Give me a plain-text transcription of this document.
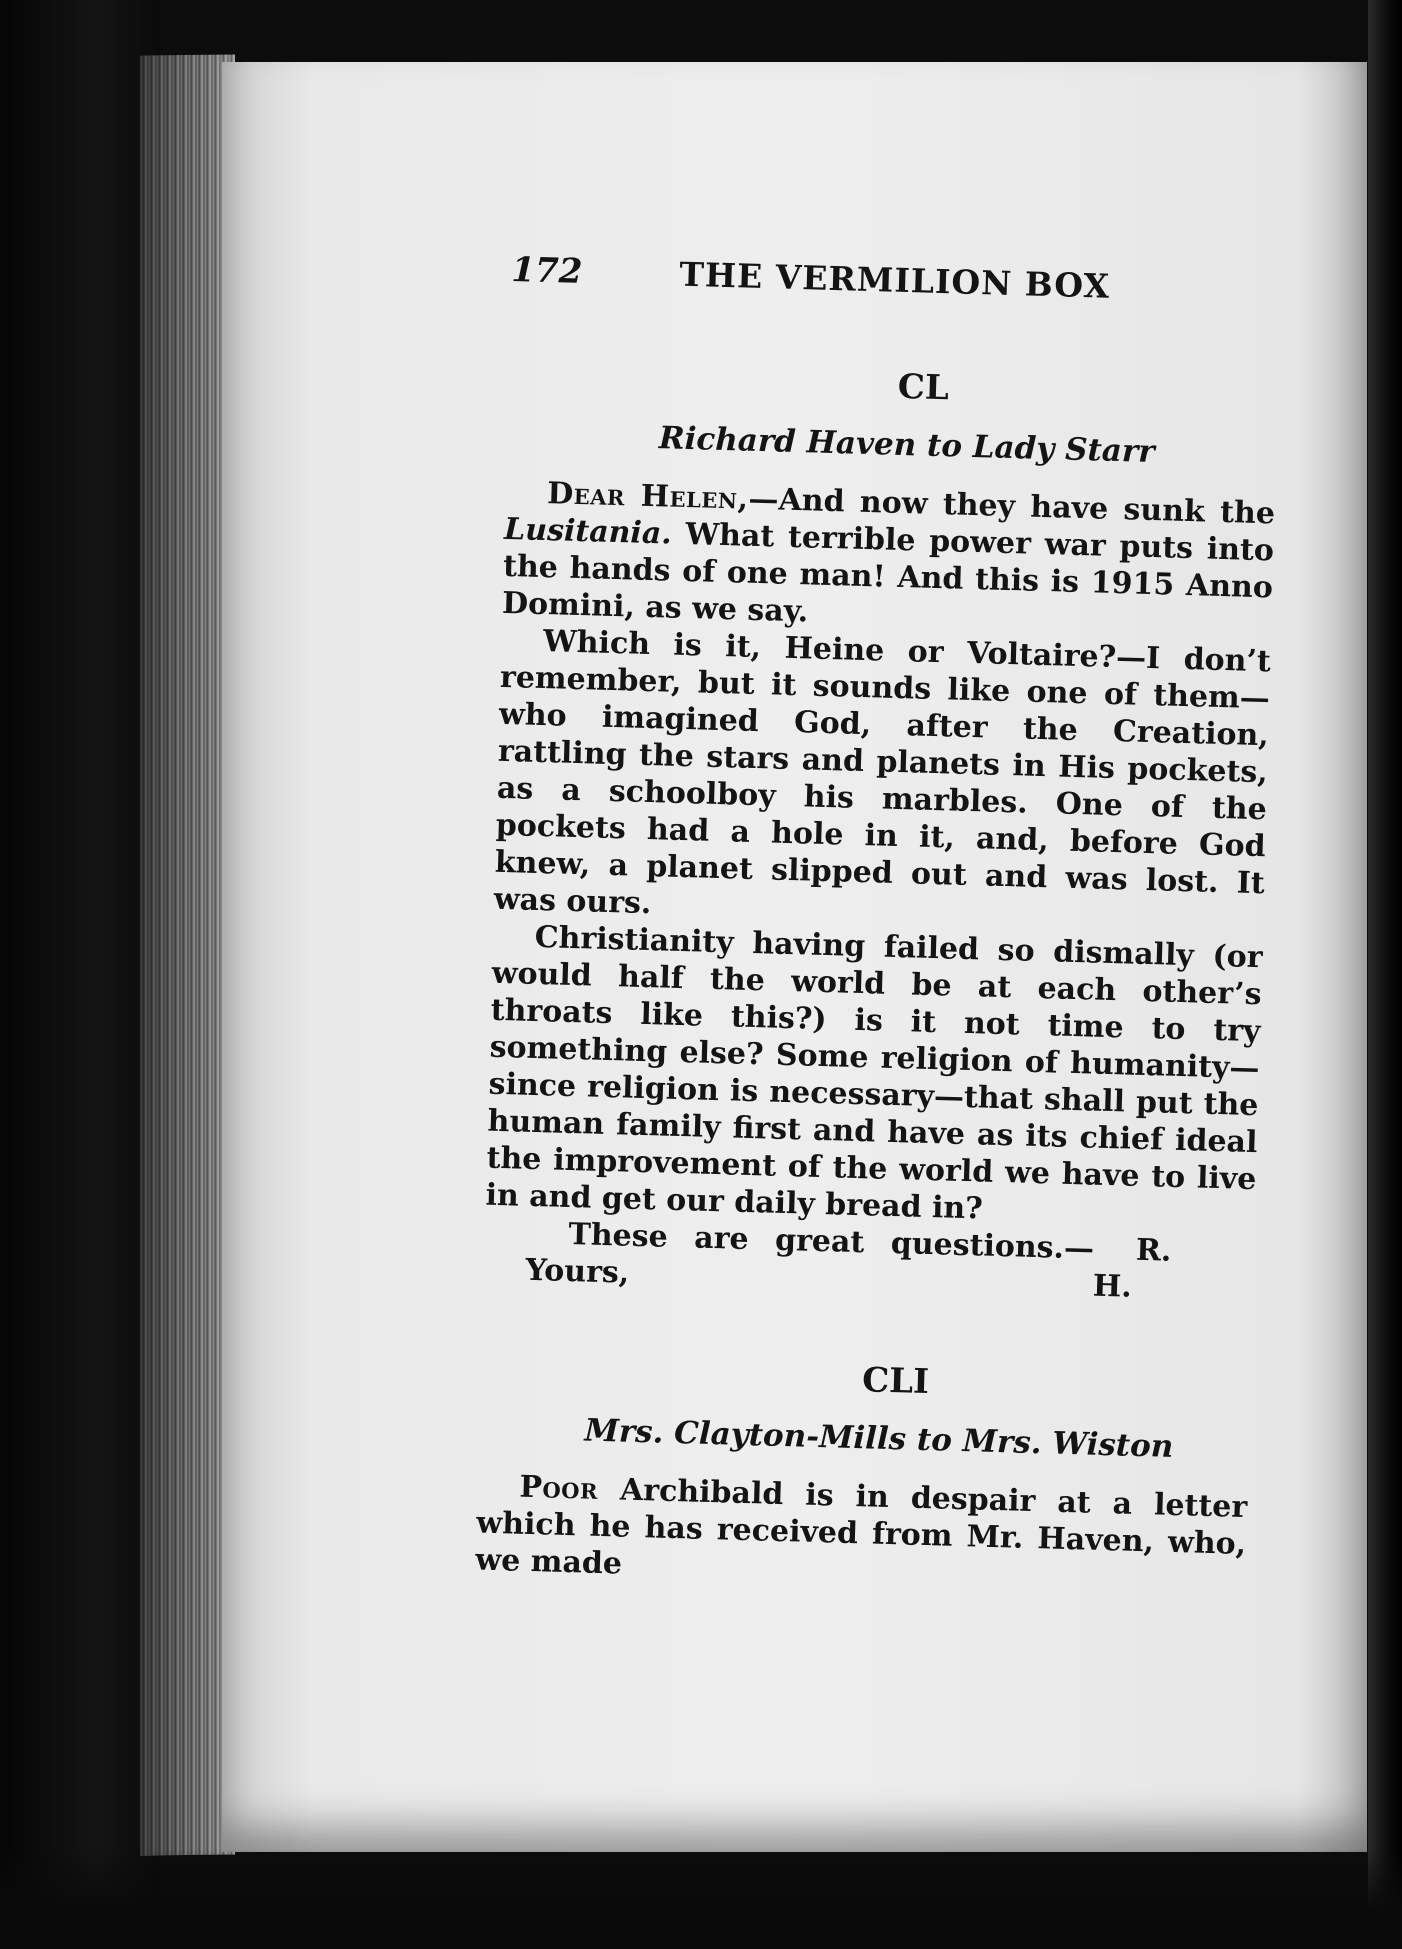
172	THE VERMILION BOX
CL
Richard Haven to Lady Starr

Dear Helen,—And now they have sunk the Lusitania. What terrible power war puts into the hands of one man! And this is 1915 Anno Domini, as we say.

Which is it, Heine or Voltaire?—I don’t remember, but it sounds like one of them—who imagined God, after the Creation, rattling the stars and planets in His pockets, as a schoolboy his marbles. One of the pockets had a hole in it, and, before God knew, a planet slipped out and was lost. It was ours.

Christianity having failed so dismally (or would half the world be at each other’s throats like this?) is it not time to try something else? Some religion of humanity—since religion is necessary—that shall put the human family first and have as its chief ideal the improvement of the world we have to live in and get our daily bread in?

These are great questions.—Yours,
R. H.

CLI
Mrs. Clayton-Mills to Mrs. Wiston

Poor Archibald is in despair at a letter which he has received from Mr. Haven, who, we made
